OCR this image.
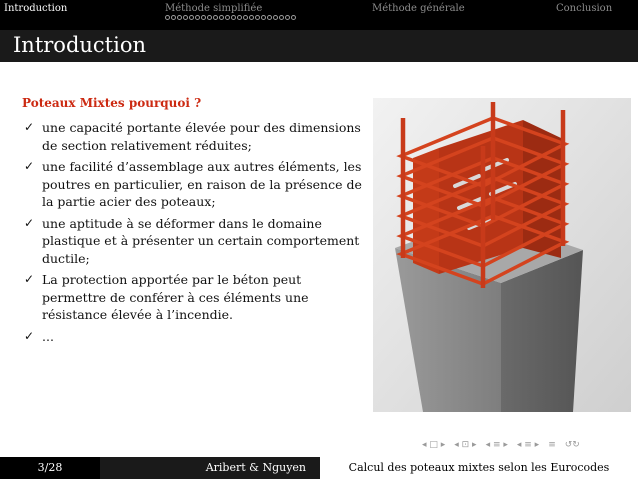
Introduction	Méthode simplifiée	Méthode générale	Conclusion
Introduction
Poteaux Mixtes pourquoi ?
✓ une capacité portante élevée pour des dimensions de section relativement réduites;
✓ une facilité d’assemblage aux autres éléments, les poutres en particulier, en raison de la présence de la partie acier des poteaux;
✓ une aptitude à se déformer dans le domaine plastique et à présenter un certain comportement ductile;
✓ La protection apportée par le béton peut permettre de conférer à ces éléments une résistance élevée à l’incendie.
✓ ...
◂ □ ▸ ◂ ⊡ ▸ ◂ ≡ ▸ ◂ ≡ ▸ ≡ ↺↻
3/28	Aribert & Nguyen	Calcul des poteaux mixtes selon les Eurocodes
